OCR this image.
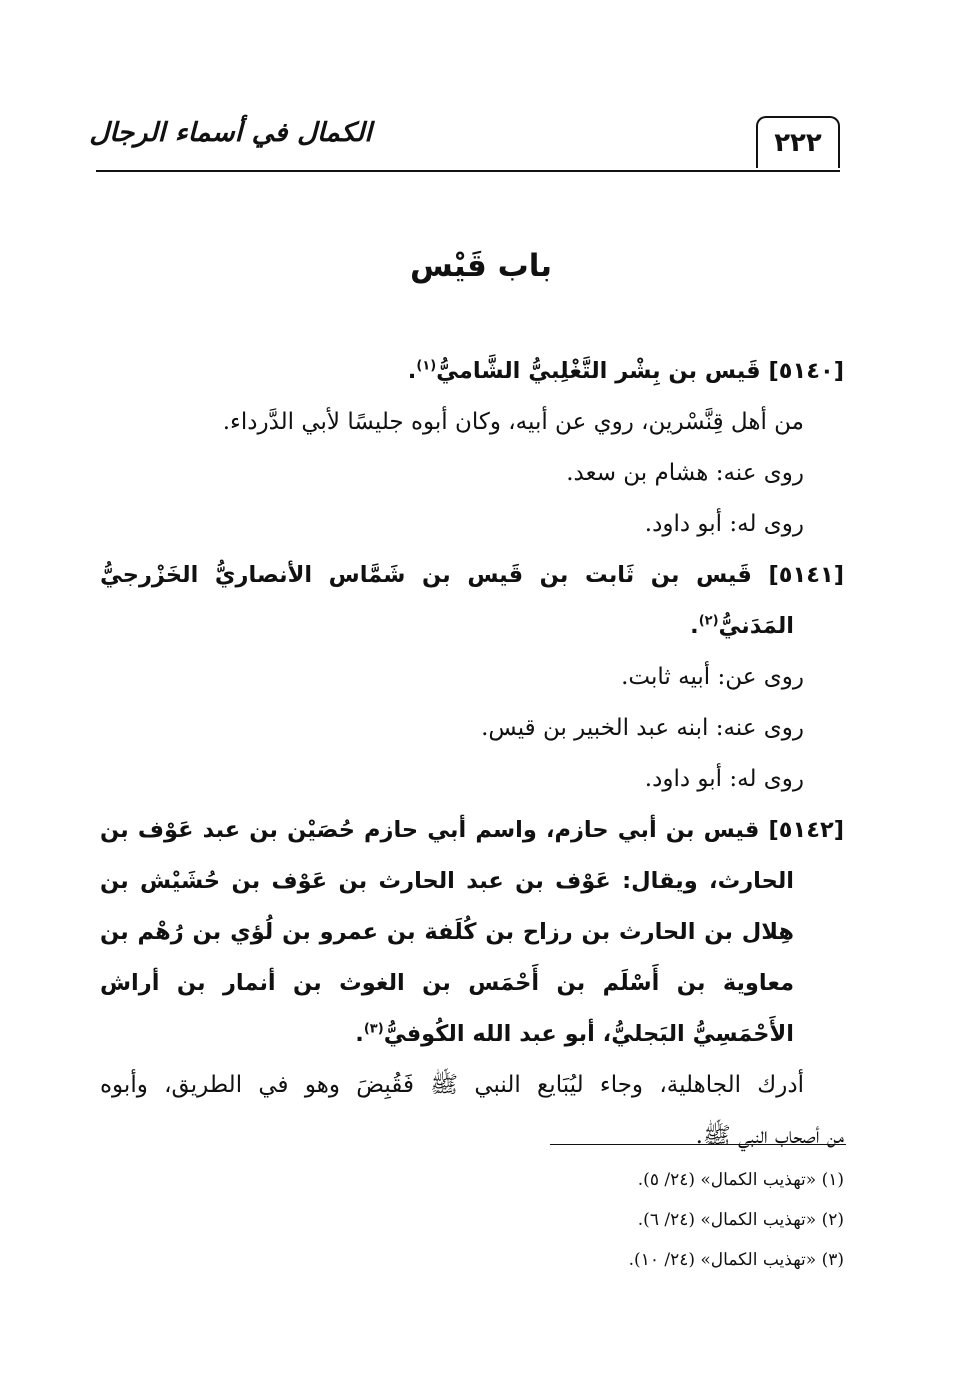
الكمال في أسماء الرجال	٢٢٢
باب قَيْس
[٥١٤٠] قَيس بن بِشْر التَّغْلِبيُّ الشَّاميُّ$^{(١)}$.
من أهل قِنَّسْرين، روي عن أبيه، وكان أبوه جليسًا لأبي الدَّرداء.
روى عنه: هشام بن سعد.
روى له: أبو داود.
[٥١٤١] قَيس بن ثَابت بن قَيس بن شَمَّاس الأنصاريُّ الخَزْرجيُّ
المَدَنيُّ$^{(٢)}$.
روى عن: أبيه ثابت.
روى عنه: ابنه عبد الخبير بن قيس.
روى له: أبو داود.
[٥١٤٢] قيس بن أبي حازم، واسم أبي حازم حُصَيْن بن عبد عَوْف بن
الحارث، ويقال: عَوْف بن عبد الحارث بن عَوْف بن حُشَيْش بن
هِلال بن الحارث بن رزاح بن كُلَفة بن عمرو بن لُؤي بن رُهْم بن
معاوية بن أَسْلَم بن أَحْمَس بن الغوث بن أنمار بن أراش
الأَحْمَسِيُّ البَجليُّ، أبو عبد الله الكُوفيُّ$^{(٣)}$.
أدرك الجاهلية، وجاء ليُبَايع النبي ﷺ فَقُبِضَ وهو في الطريق، وأبوه
من أصحاب النبي ﷺ.
(١) «تهذيب الكمال» (٢٤/ ٥).
(٢) «تهذيب الكمال» (٢٤/ ٦).
(٣) «تهذيب الكمال» (٢٤/ ١٠).
